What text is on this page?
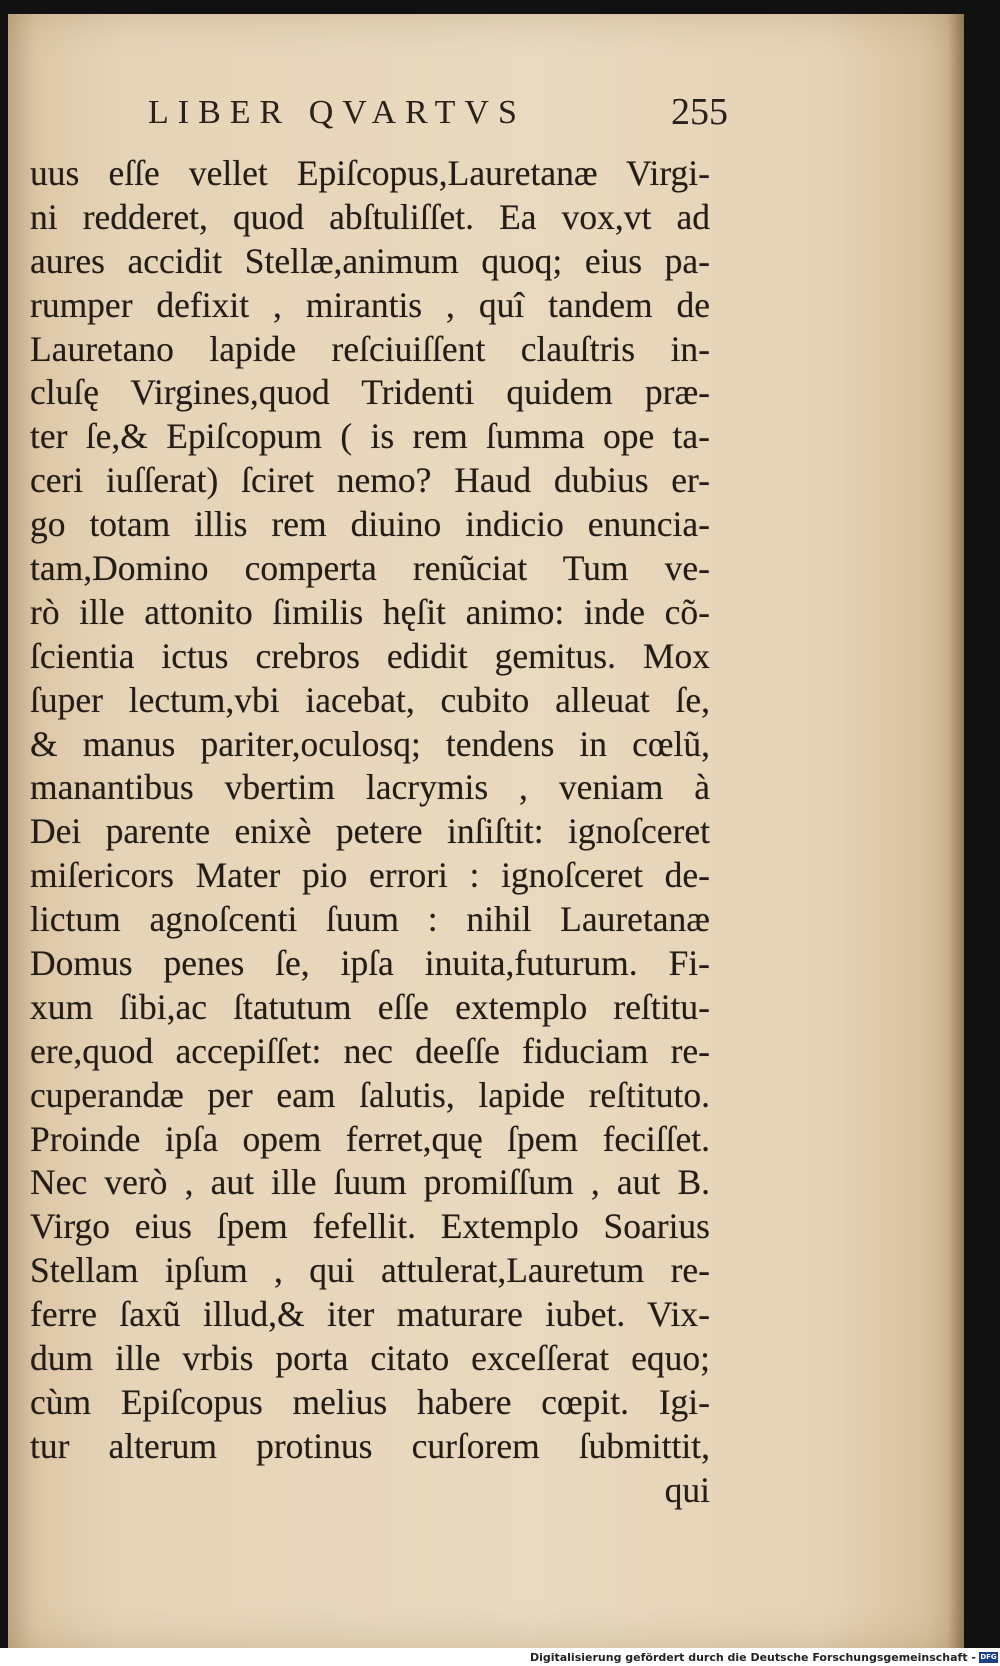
LIBER QVARTVS	255
uus eſſe vellet Epiſcopus,Lauretanæ Virgi-
ni redderet, quod abſtuliſſet. Ea vox,vt ad
aures accidit Stellæ,animum quoq; eius pa-
rumper defixit , mirantis , quî tandem de
Lauretano lapide reſciuiſſent clauſtris in-
cluſę Virgines,quod Tridenti quidem præ-
ter ſe,& Epiſcopum ( is rem ſumma ope ta-
ceri iuſſerat) ſciret nemo? Haud dubius er-
go totam illis rem diuino indicio enuncia-
tam,Domino comperta renũciat Tum ve-
rò ille attonito ſimilis hęſit animo: inde cõ-
ſcientia ictus crebros edidit gemitus. Mox
ſuper lectum,vbi iacebat, cubito alleuat ſe,
& manus pariter,oculosq; tendens in cœlũ,
manantibus vbertim lacrymis , veniam à
Dei parente enixè petere inſiſtit: ignoſceret
miſericors Mater pio errori : ignoſceret de-
lictum agnoſcenti ſuum : nihil Lauretanæ
Domus penes ſe, ipſa inuita,futurum. Fi-
xum ſibi,ac ſtatutum eſſe extemplo reſtitu-
ere,quod accepiſſet: nec deeſſe fiduciam re-
cuperandæ per eam ſalutis, lapide reſtituto.
Proinde ipſa opem ferret,quę ſpem feciſſet.
Nec verò , aut ille ſuum promiſſum , aut B.
Virgo eius ſpem fefellit. Extemplo Soarius
Stellam ipſum , qui attulerat,Lauretum re-
ferre ſaxũ illud,& iter maturare iubet. Vix-
dum ille vrbis porta citato exceſſerat equo;
cùm Epiſcopus melius habere cœpit. Igi-
tur alterum protinus curſorem ſubmittit,
qui
Digitalisierung gefördert durch die Deutsche Forschungsgemeinschaft - DFG
